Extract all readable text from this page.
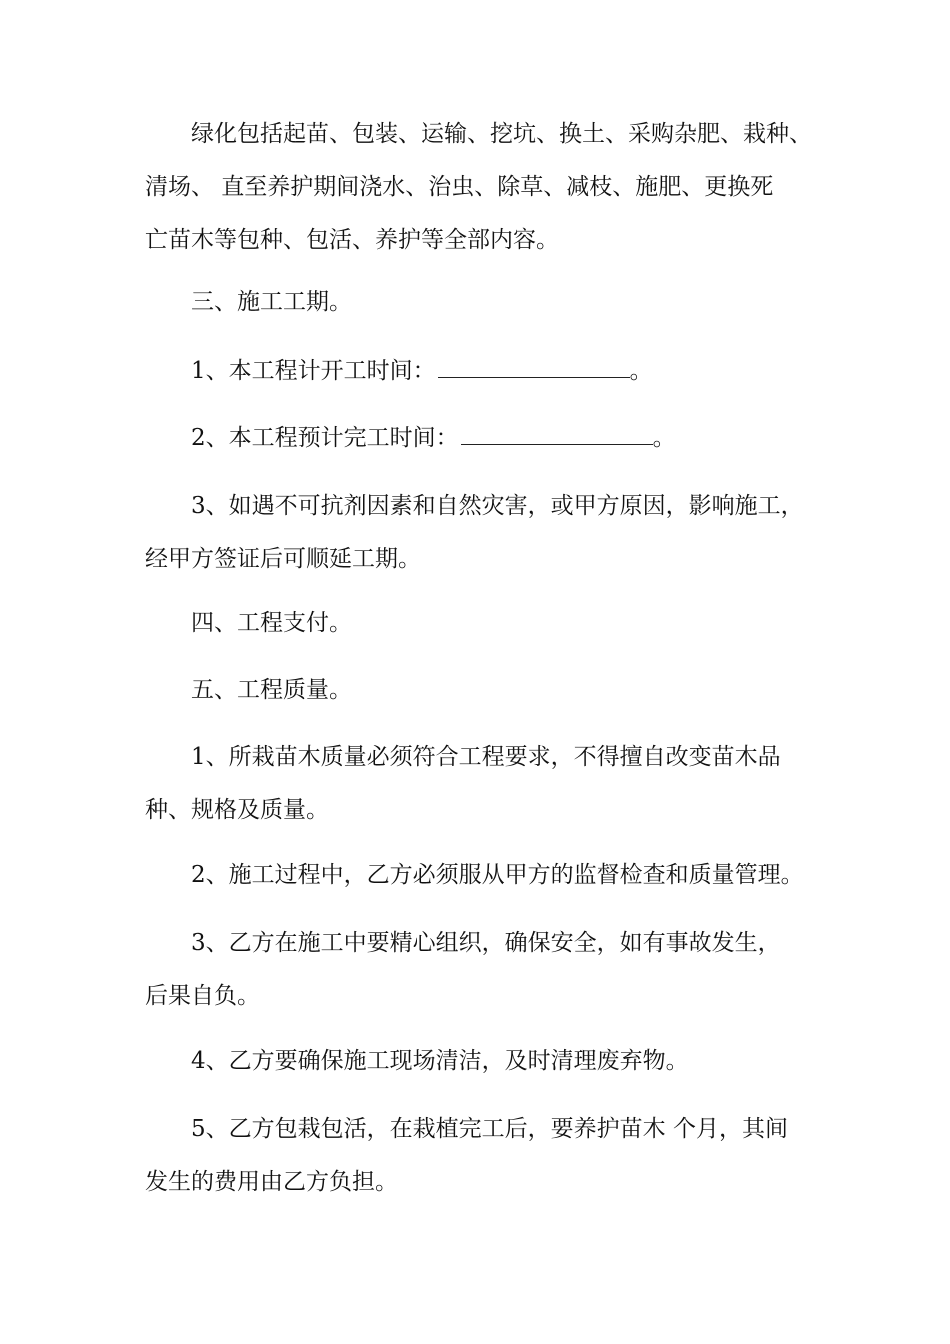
绿化包括起苗、包装、运输、挖坑、换土、采购杂肥、栽种、
清场、 直至养护期间浇水、治虫、除草、减枝、施肥、更换死
亡苗木等包种、包活、养护等全部内容。
三、施工工期。
1、本工程计开工时间：	。
2、本工程预计完工时间：	。
3、如遇不可抗剂因素和自然灾害，或甲方原因，影响施工，
经甲方签证后可顺延工期。
四、工程支付。
五、工程质量。
1、所栽苗木质量必须符合工程要求，不得擅自改变苗木品
种、规格及质量。
2、施工过程中，乙方必须服从甲方的监督检查和质量管理。
3、乙方在施工中要精心组织，确保安全，如有事故发生，
后果自负。
4、乙方要确保施工现场清洁，及时清理废弃物。
5、乙方包栽包活，在栽植完工后，要养护苗木 个月，其间
发生的费用由乙方负担。
